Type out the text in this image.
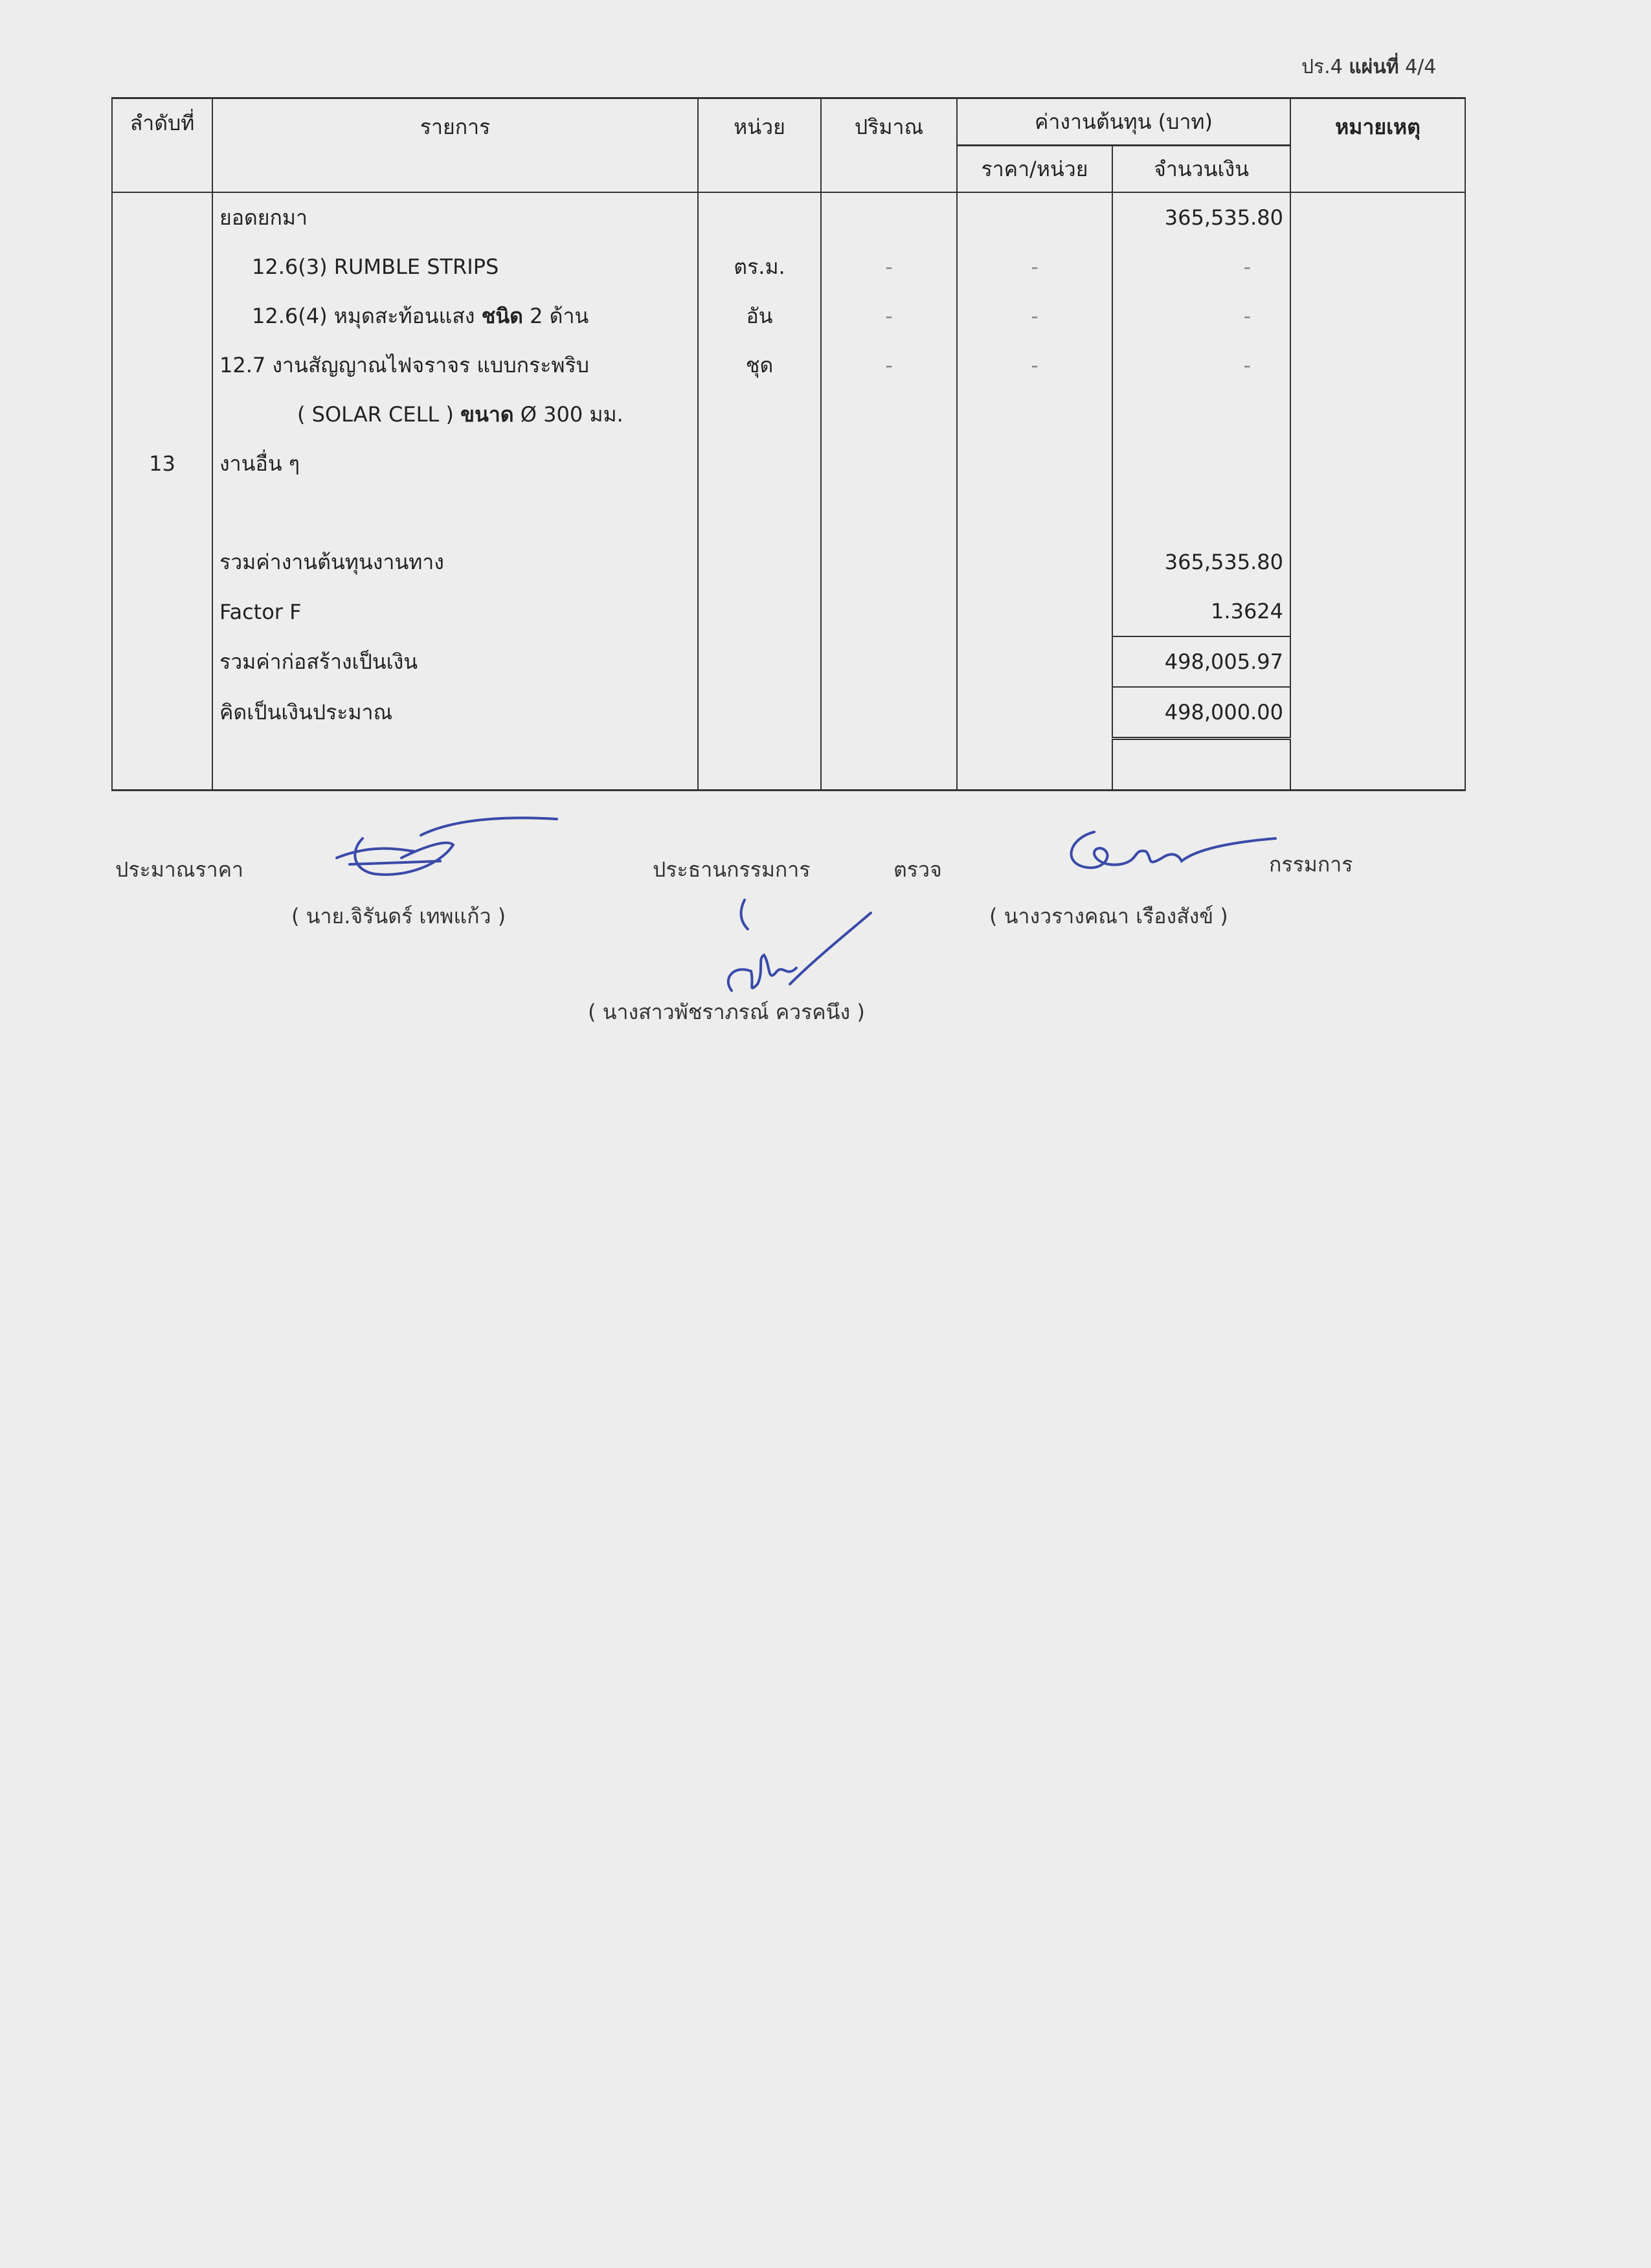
ปร.4 แผ่นที่ 4/4
ลำดับที่	รายการ	หน่วย	ปริมาณ	ค่างานต้นทุน (บาท)		หมายเหตุ
				ราคา/หน่วย	จำนวนเงิน	
	ยอดยกมา				365,535.80	
	12.6(3) RUMBLE STRIPS	ตร.ม.	-	-	-	
	12.6(4) หมุดสะท้อนแสง ชนิด 2 ด้าน	อัน	-	-	-	
	12.7 งานสัญญาณไฟจราจร แบบกระพริบ	ชุด	-	-	-	
	( SOLAR CELL ) ขนาด Ø 300 มม.					
13	งานอื่น ๆ					

	รวมค่างานต้นทุนงานทาง				365,535.80	
	Factor F				1.3624	
	รวมค่าก่อสร้างเป็นเงิน				498,005.97	
	คิดเป็นเงินประมาณ				498,000.00	

ประมาณราคา
( นาย.จิรันดร์ เทพแก้ว )
ประธานกรรมการ	ตรวจ
( นางสาวพัชราภรณ์ ควรคนึง )
กรรมการ
( นางวรางคณา เรืองสังข์ )
